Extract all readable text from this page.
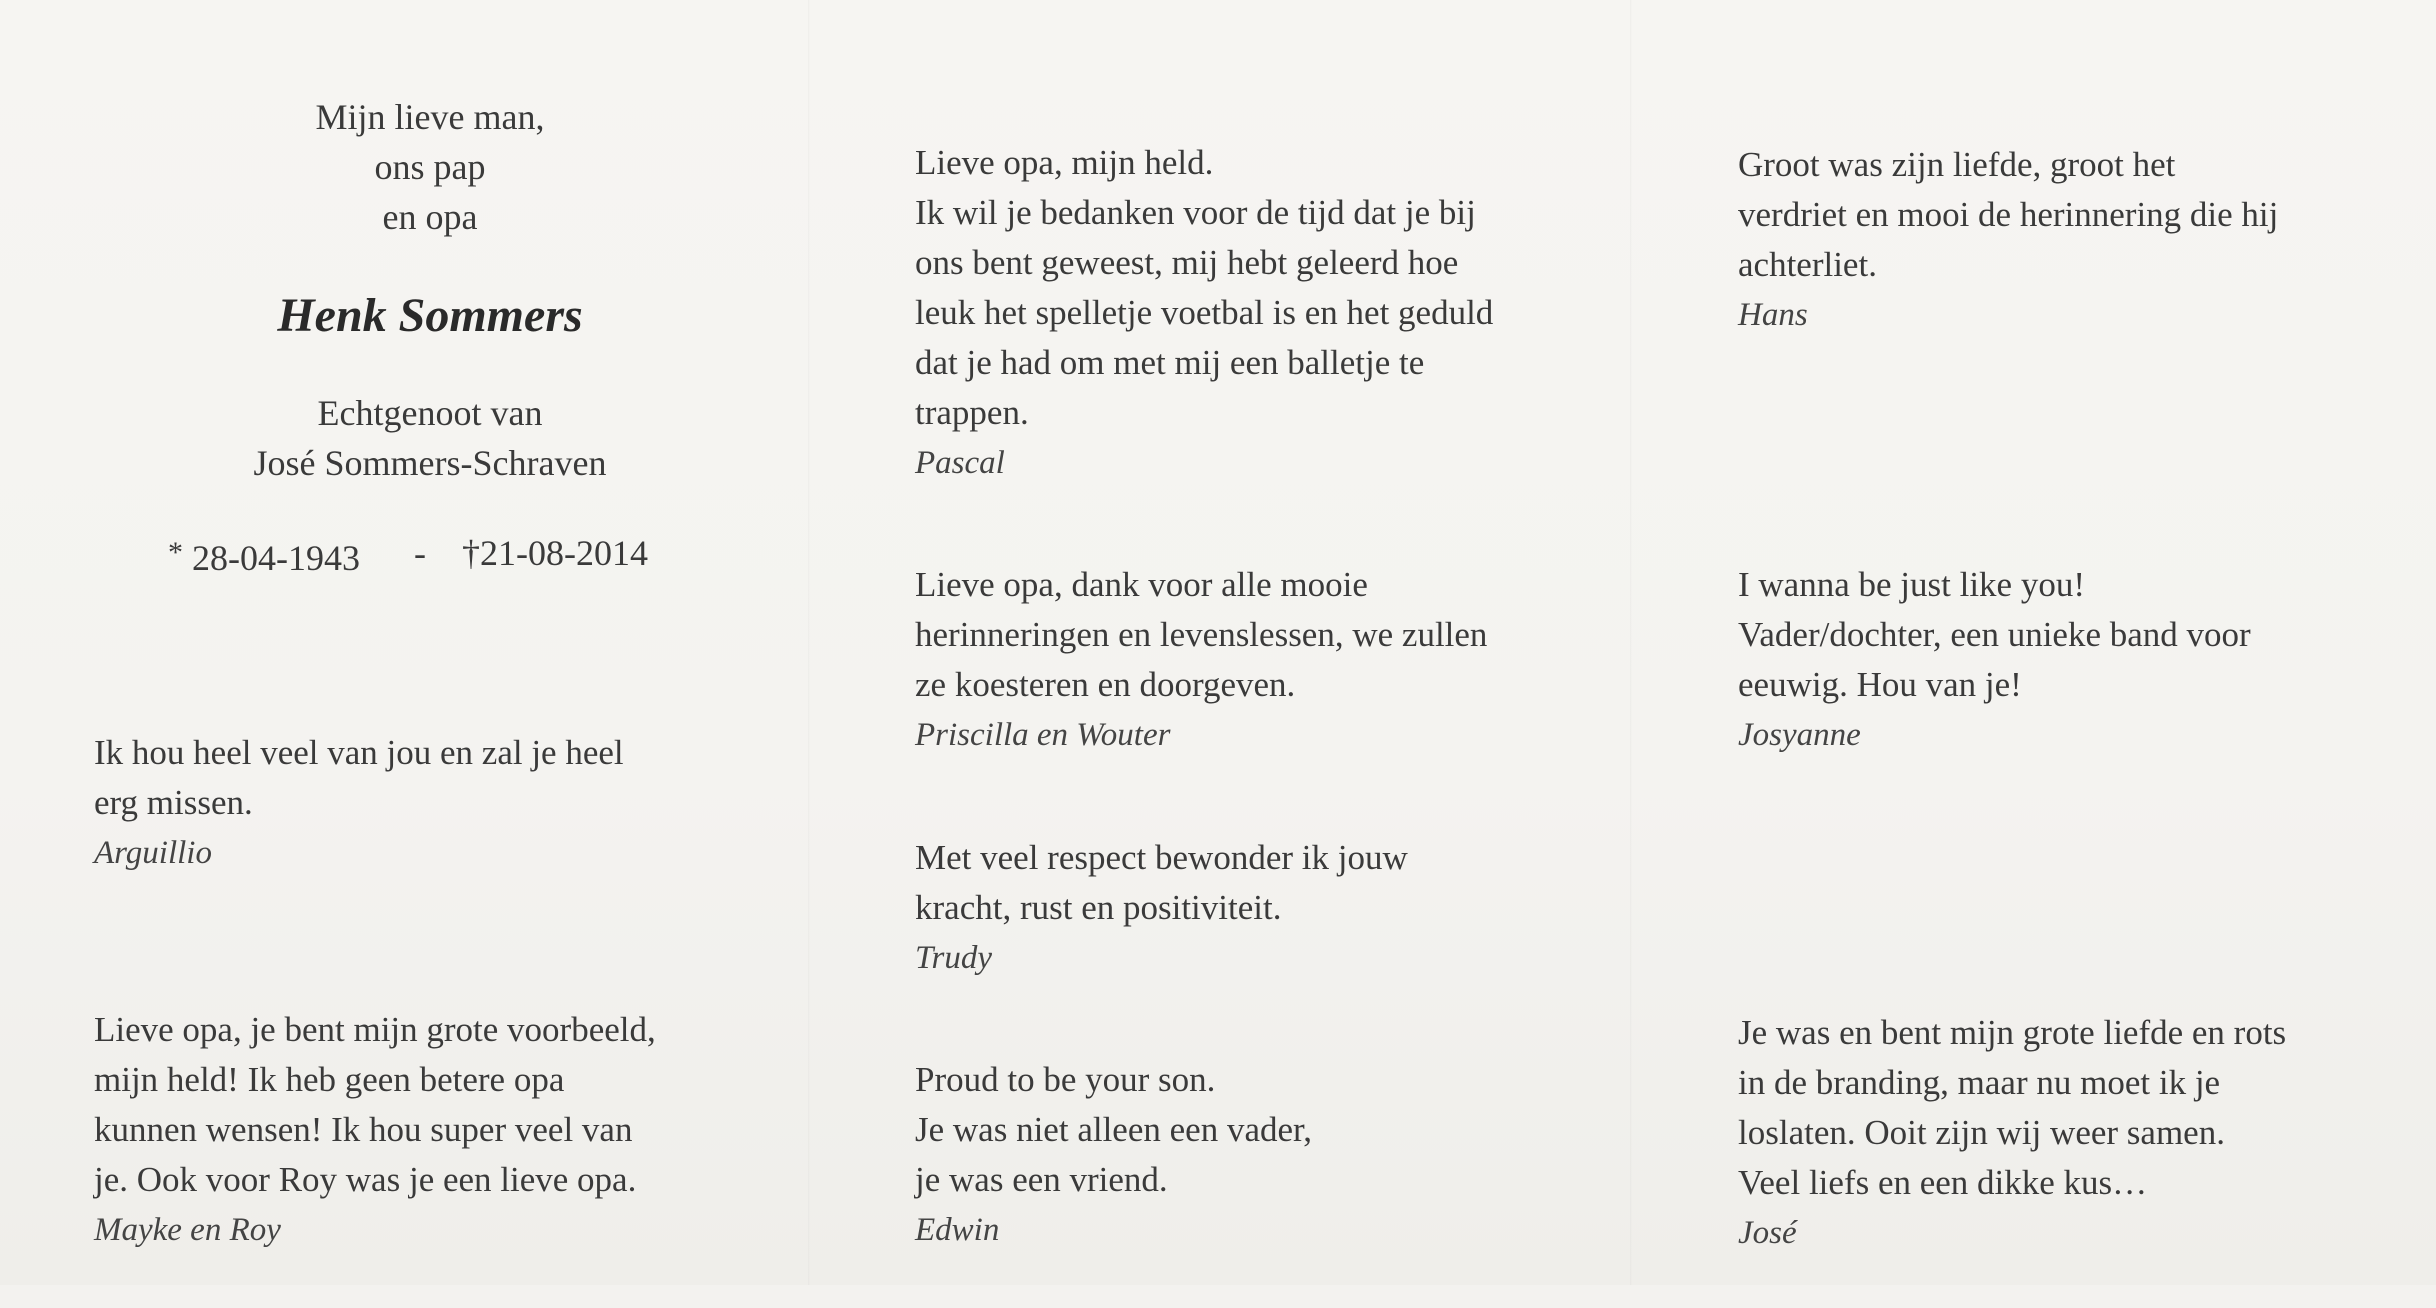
Mijn lieve man,
ons pap
en opa
Henk Sommers
Echtgenoot van
José Sommers-Schraven
* 28-04-1943 - †21-08-2014

Ik hou heel veel van jou en zal je heel
erg missen.

Arguillio

Lieve opa, je bent mijn grote voorbeeld,
mijn held! Ik heb geen betere opa
kunnen wensen! Ik hou super veel van
je. Ook voor Roy was je een lieve opa.

Mayke en Roy

Lieve opa, mijn held.
Ik wil je bedanken voor de tijd dat je bij
ons bent geweest, mij hebt geleerd hoe
leuk het spelletje voetbal is en het geduld
dat je had om met mij een balletje te
trappen.

Pascal

Lieve opa, dank voor alle mooie
herinneringen en levenslessen, we zullen
ze koesteren en doorgeven.

Priscilla en Wouter

Met veel respect bewonder ik jouw
kracht, rust en positiviteit.

Trudy

Proud to be your son.
Je was niet alleen een vader,
je was een vriend.

Edwin

Groot was zijn liefde, groot het
verdriet en mooi de herinnering die hij
achterliet.

Hans

I wanna be just like you!
Vader/dochter, een unieke band voor
eeuwig. Hou van je!

Josyanne

Je was en bent mijn grote liefde en rots
in de branding, maar nu moet ik je
loslaten. Ooit zijn wij weer samen.
Veel liefs en een dikke kus…

José
